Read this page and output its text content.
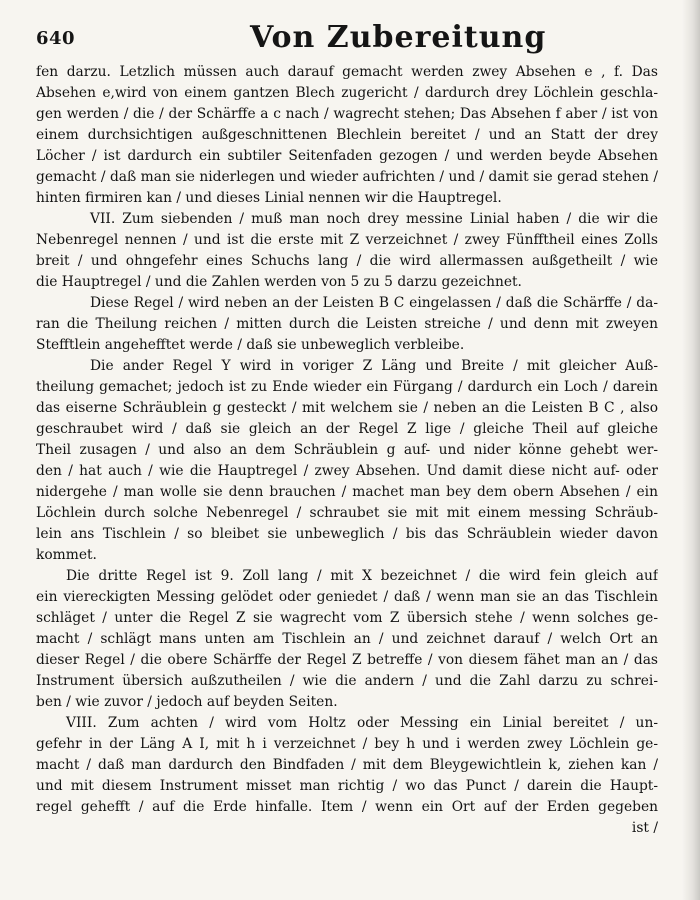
640	Von Zubereitung
fen darzu. Letzlich müssen auch darauf gemacht werden zwey Absehen e , f. Das
Absehen e,wird von einem gantzen Blech zugericht / dardurch drey Löchlein geschla-
gen werden / die / der Schärffe a c nach / wagrecht stehen; Das Absehen f aber / ist von
einem durchsichtigen außgeschnittenen Blechlein bereitet / und an Statt der drey
Löcher / ist dardurch ein subtiler Seitenfaden gezogen / und werden beyde Absehen
gemacht / daß man sie niderlegen und wieder aufrichten / und / damit sie gerad stehen /
hinten firmiren kan / und dieses Linial nennen wir die Hauptregel.
VII. Zum siebenden / muß man noch drey messine Linial haben / die wir die
Nebenregel nennen / und ist die erste mit Z verzeichnet / zwey Fünfftheil eines Zolls
breit / und ohngefehr eines Schuchs lang / die wird allermassen außgetheilt / wie
die Hauptregel / und die Zahlen werden von 5 zu 5 darzu gezeichnet.
Diese Regel / wird neben an der Leisten B C eingelassen / daß die Schärffe / da-
ran die Theilung reichen / mitten durch die Leisten streiche / und denn mit zweyen
Stefftlein angehefftet werde / daß sie unbeweglich verbleibe.
Die ander Regel Y wird in voriger Z Läng und Breite / mit gleicher Auß-
theilung gemachet; jedoch ist zu Ende wieder ein Fürgang / dardurch ein Loch / darein
das eiserne Schräublein g gesteckt / mit welchem sie / neben an die Leisten B C , also
geschraubet wird / daß sie gleich an der Regel Z lige / gleiche Theil auf gleiche
Theil zusagen / und also an dem Schräublein g auf- und nider könne gehebt wer-
den / hat auch / wie die Hauptregel / zwey Absehen. Und damit diese nicht auf- oder
nidergehe / man wolle sie denn brauchen / machet man bey dem obern Absehen / ein
Löchlein durch solche Nebenregel / schraubet sie mit mit einem messing Schräub-
lein ans Tischlein / so bleibet sie unbeweglich / bis das Schräublein wieder davon
kommet.
Die dritte Regel ist 9. Zoll lang / mit X bezeichnet / die wird fein gleich auf
ein viereckigten Messing gelödet oder geniedet / daß / wenn man sie an das Tischlein
schläget / unter die Regel Z sie wagrecht vom Z übersich stehe / wenn solches ge-
macht / schlägt mans unten am Tischlein an / und zeichnet darauf / welch Ort an
dieser Regel / die obere Schärffe der Regel Z betreffe / von diesem fähet man an / das
Instrument übersich außzutheilen / wie die andern / und die Zahl darzu zu schrei-
ben / wie zuvor / jedoch auf beyden Seiten.
VIII. Zum achten / wird vom Holtz oder Messing ein Linial bereitet / un-
gefehr in der Läng A I, mit h i verzeichnet / bey h und i werden zwey Löchlein ge-
macht / daß man dardurch den Bindfaden / mit dem Bleygewichtlein k, ziehen kan /
und mit diesem Instrument misset man richtig / wo das Punct / darein die Haupt-
regel gehefft / auf die Erde hinfalle. Item / wenn ein Ort auf der Erden gegeben
ist /
